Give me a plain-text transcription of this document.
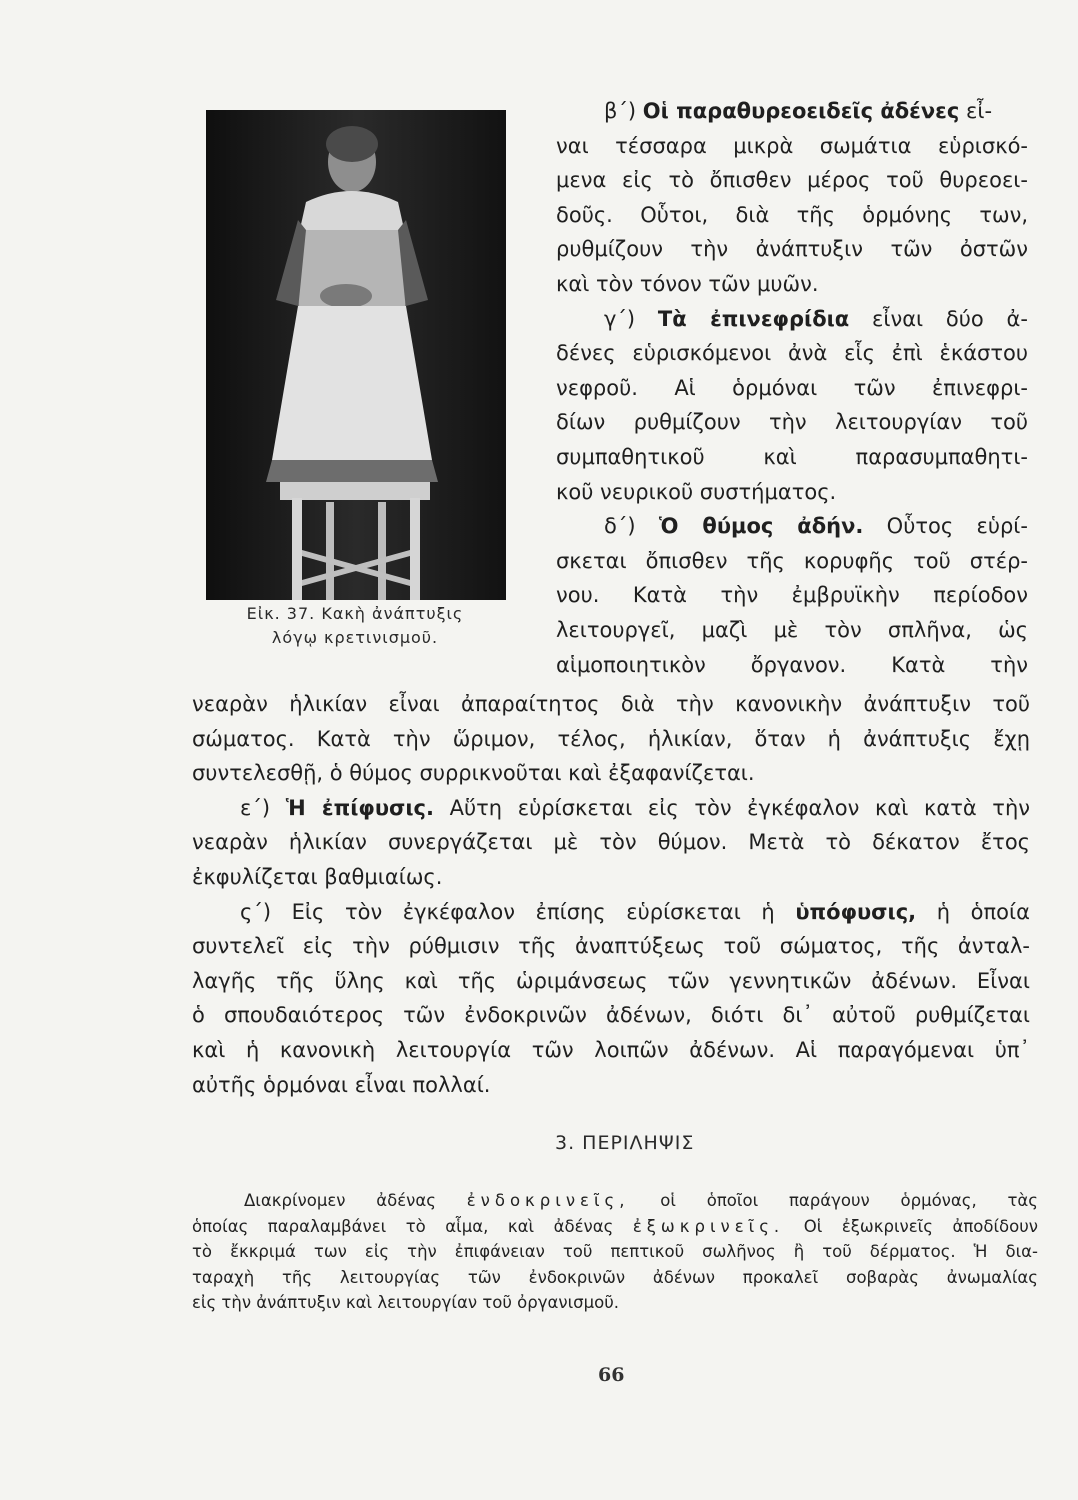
Εἰκ. 37. Κακὴ ἀνάπτυξις
λόγῳ κρετινισμοῦ.

β΄) Οἱ παραθυρεοειδεῖς ἀδένες εἶ-
ναι τέσσαρα μικρὰ σωμάτια εὑρισκό-
μενα εἰς τὸ ὄπισθεν μέρος τοῦ θυρεοει-
δοῦς. Οὗτοι, διὰ τῆς ὁρμόνης των,
ρυθμίζουν τὴν ἀνάπτυξιν τῶν ὀστῶν
καὶ τὸν τόνον τῶν μυῶν.

γ΄) Τὰ ἐπινεφρίδια εἶναι δύο ἀ-
δένες εὑρισκόμενοι ἀνὰ εἷς ἐπὶ ἑκάστου
νεφροῦ. Αἱ ὁρμόναι τῶν ἐπινεφρι-
δίων ρυθμίζουν τὴν λειτουργίαν τοῦ
συμπαθητικοῦ καὶ παρασυμπαθητι-
κοῦ νευρικοῦ συστήματος.

δ΄) Ὁ θύμος ἀδήν. Οὗτος εὑρί-
σκεται ὄπισθεν τῆς κορυφῆς τοῦ στέρ-
νου. Κατὰ τὴν ἐμβρυϊκὴν περίοδον
λειτουργεῖ, μαζὶ μὲ τὸν σπλῆνα, ὡς
αἱμοποιητικὸν ὄργανον. Κατὰ τὴν

νεαρὰν ἡλικίαν εἶναι ἀπαραίτητος διὰ τὴν κανονικὴν ἀνάπτυξιν τοῦ
σώματος. Κατὰ τὴν ὥριμον, τέλος, ἡλικίαν, ὅταν ἡ ἀνάπτυξις ἔχῃ
συντελεσθῇ, ὁ θύμος συρρικνοῦται καὶ ἐξαφανίζεται.

ε΄) Ἡ ἐπίφυσις. Αὕτη εὑρίσκεται εἰς τὸν ἐγκέφαλον καὶ κατὰ τὴν
νεαρὰν ἡλικίαν συνεργάζεται μὲ τὸν θύμον. Μετὰ τὸ δέκατον ἔτος
ἐκφυλίζεται βαθμιαίως.

ς΄) Εἰς τὸν ἐγκέφαλον ἐπίσης εὑρίσκεται ἡ ὑπόφυσις, ἡ ὁποία
συντελεῖ εἰς τὴν ρύθμισιν τῆς ἀναπτύξεως τοῦ σώματος, τῆς ἀνταλ-
λαγῆς τῆς ὕλης καὶ τῆς ὡριμάνσεως τῶν γεννητικῶν ἀδένων. Εἶναι
ὁ σπουδαιότερος τῶν ἐνδοκρινῶν ἀδένων, διότι δι᾽ αὐτοῦ ρυθμίζεται
καὶ ἡ κανονικὴ λειτουργία τῶν λοιπῶν ἀδένων. Αἱ παραγόμεναι ὑπ᾽
αὐτῆς ὁρμόναι εἶναι πολλαί.

3. ΠΕΡΙΛΗΨΙΣ
Διακρίνομεν ἀδένας ἐνδοκρινεῖς, οἱ ὁποῖοι παράγουν ὁρμόνας, τὰς
ὁποίας παραλαμβάνει τὸ αἷμα, καὶ ἀδένας ἐξωκρινεῖς. Οἱ ἐξωκρινεῖς ἀποδίδουν
τὸ ἔκκριμά των εἰς τὴν ἐπιφάνειαν τοῦ πεπτικοῦ σωλῆνος ἢ τοῦ δέρματος. Ἡ δια-
ταραχὴ τῆς λειτουργίας τῶν ἐνδοκρινῶν ἀδένων προκαλεῖ σοβαρὰς ἀνωμαλίας
εἰς τὴν ἀνάπτυξιν καὶ λειτουργίαν τοῦ ὀργανισμοῦ.
66
